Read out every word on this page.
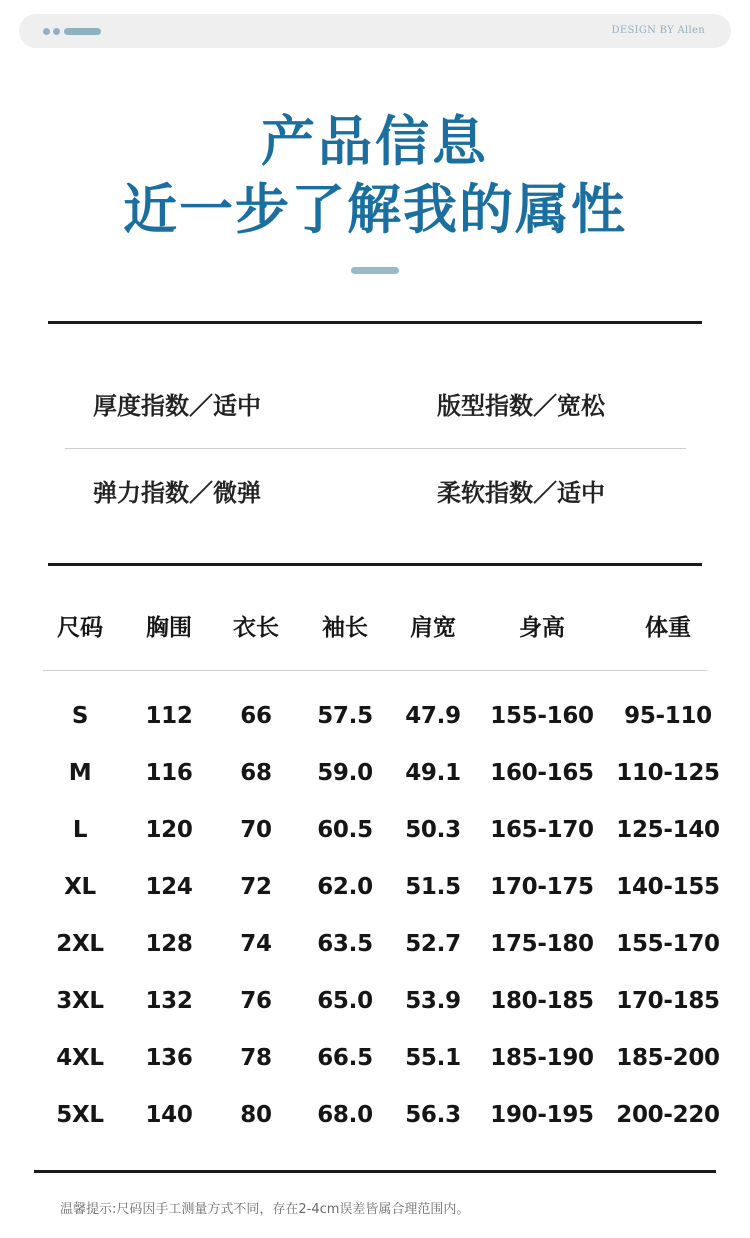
DESIGN BY Allen
产品信息
近一步了解我的属性
厚度指数／适中	版型指数／宽松
弹力指数／微弹	柔软指数／适中
尺码 胸围 衣长 袖长 肩宽	身高	体重
S 112 66 57.5 47.9 155-160 95-110
M 116 68 59.0 49.1 160-165 110-125
L	120 70 60.5 50.3 165-170 125-140
XL 124 72 62.0 51.5 170-175 140-155
2XL 128 74 63.5 52.7 175-180 155-170
3XL 132 76 65.0 53.9 180-185 170-185
4XL 136 78 66.5 55.1 185-190 185-200
5XL 140 80 68.0 56.3 190-195 200-220
温馨提示:尺码因手工测量方式不同，存在2-4cm误差皆属合理范围内。
